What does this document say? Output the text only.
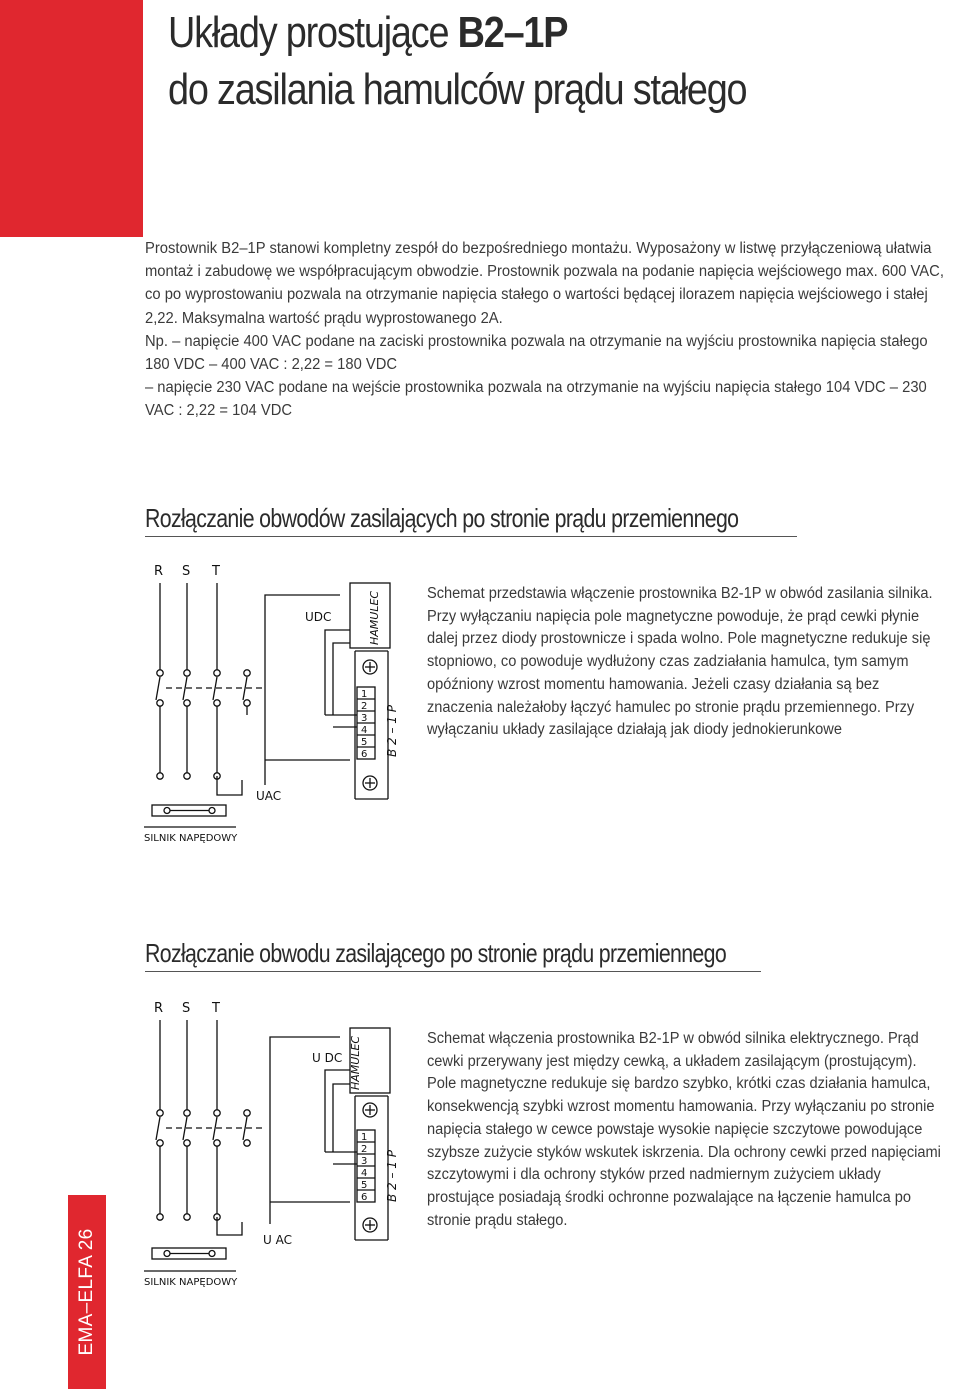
Układy prostujące B2–1P
do zasilania hamulców prądu stałego

Prostownik B2–1P stanowi kompletny zespół do bezpośredniego montażu. Wyposażony w listwę przyłączeniową ułatwia montaż i zabudowę we współpracującym obwodzie. Prostownik pozwala na podanie napięcia wejściowego max. 600 VAC, co po wyprostowaniu pozwala na otrzymanie napięcia stałego o wartości będącej ilorazem napięcia wejściowego i stałej 2,22. Maksymalna wartość prądu wyprostowanego 2A.

Np. – napięcie 400 VAC podane na zaciski prostownika pozwala na otrzymanie na wyjściu prostownika napięcia stałego 180 VDC – 400 VAC : 2,22 = 180 VDC

– napięcie 230 VAC podane na wejście prostownika pozwala na otrzymanie na wyjściu napięcia stałego 104 VDC – 230 VAC : 2,22 = 104 VDC

Rozłączanie obwodów zasilających po stronie prądu przemiennego
R S T
UDC
UAC
HAMULEC
B 2 – 1 P
1
2
3
4
5
6
SILNIK NAPĘDOWY

Schemat przedstawia włączenie prostownika B2-1P w obwód zasilania silnika. Przy wyłączaniu napięcia pole magnetyczne powoduje, że prąd cewki płynie dalej przez diody prostownicze i spada wolno. Pole magnetyczne redukuje się stopniowo, co powoduje wydłużony czas zadziałania hamulca, tym samym opóźniony wzrost momentu hamowania. Jeżeli czasy działania są bez znaczenia należałoby łączyć hamulec po stronie prądu przemiennego. Przy wyłączaniu układy zasilające działają jak diody jednokierunkowe

Rozłączanie obwodu zasilającego po stronie prądu przemiennego
R S T
U DC
U AC
HAMULEC
B 2 – 1 P
1
2
3
4
5
6
SILNIK NAPĘDOWY

Schemat włączenia prostownika B2-1P w obwód silnika elektrycznego. Prąd cewki przerywany jest między cewką, a układem zasilającym (prostującym). Pole magnetyczne redukuje się bardzo szybko, krótki czas działania hamulca, konsekwencją szybki wzrost momentu hamowania. Przy wyłączaniu po stronie napięcia stałego w cewce powstaje wysokie napięcie szczytowe powodujące szybsze zużycie styków wskutek iskrzenia. Dla ochrony cewki przed napięciami szczytowymi i dla ochrony styków przed nadmiernym zużyciem układy prostujące posiadają środki ochronne pozwalające na łączenie hamulca po stronie prądu stałego.

EMA–ELFA 26
